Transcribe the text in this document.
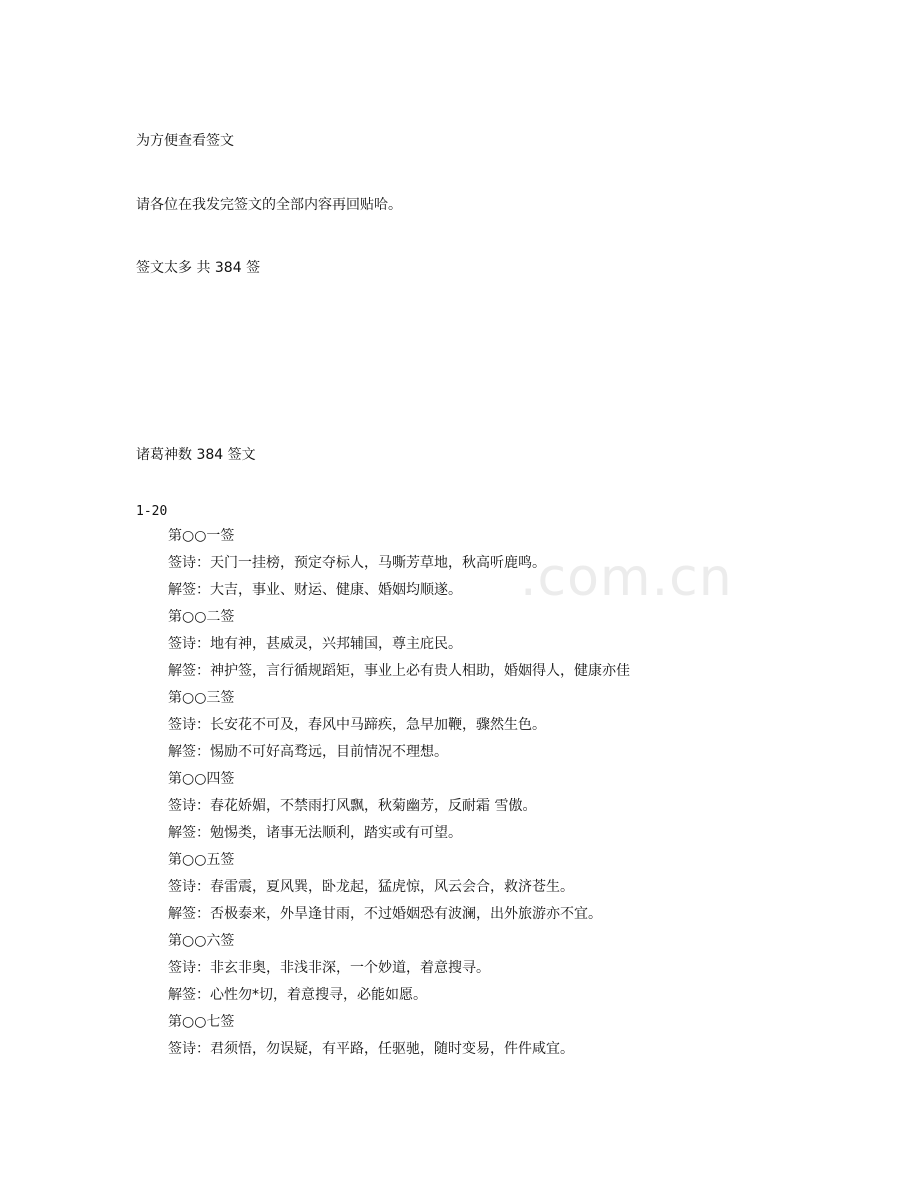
.com.cn
为方便查看签文
请各位在我发完签文的全部内容再回贴哈。
签文太多 共 384 签
诸葛神数 384 签文
1-20
第○○一签
签诗：天门一挂榜，预定夺标人，马嘶芳草地，秋高听鹿鸣。
解签：大吉，事业、财运、健康、婚姻均顺遂。
第○○二签
签诗：地有神，甚威灵，兴邦辅国，尊主庇民。
解签：神护签，言行循规蹈矩，事业上必有贵人相助，婚姻得人，健康亦佳
第○○三签
签诗：长安花不可及，春风中马蹄疾，急早加鞭，骤然生色。
解签：惕励不可好高骛远，目前情况不理想。
第○○四签
签诗：春花娇媚，不禁雨打风飘，秋菊幽芳，反耐霜 雪傲。
解签：勉惕类，诸事无法顺利，踏实或有可望。
第○○五签
签诗：春雷震，夏风巽，卧龙起，猛虎惊，风云会合，救济苍生。
解签：否极泰来，外旱逢甘雨，不过婚姻恐有波澜，出外旅游亦不宜。
第○○六签
签诗：非玄非奥，非浅非深，一个妙道，着意搜寻。
解签：心性勿*切，着意搜寻，必能如愿。
第○○七签
签诗：君须悟，勿误疑，有平路，任驱驰，随时变易，件件咸宜。
